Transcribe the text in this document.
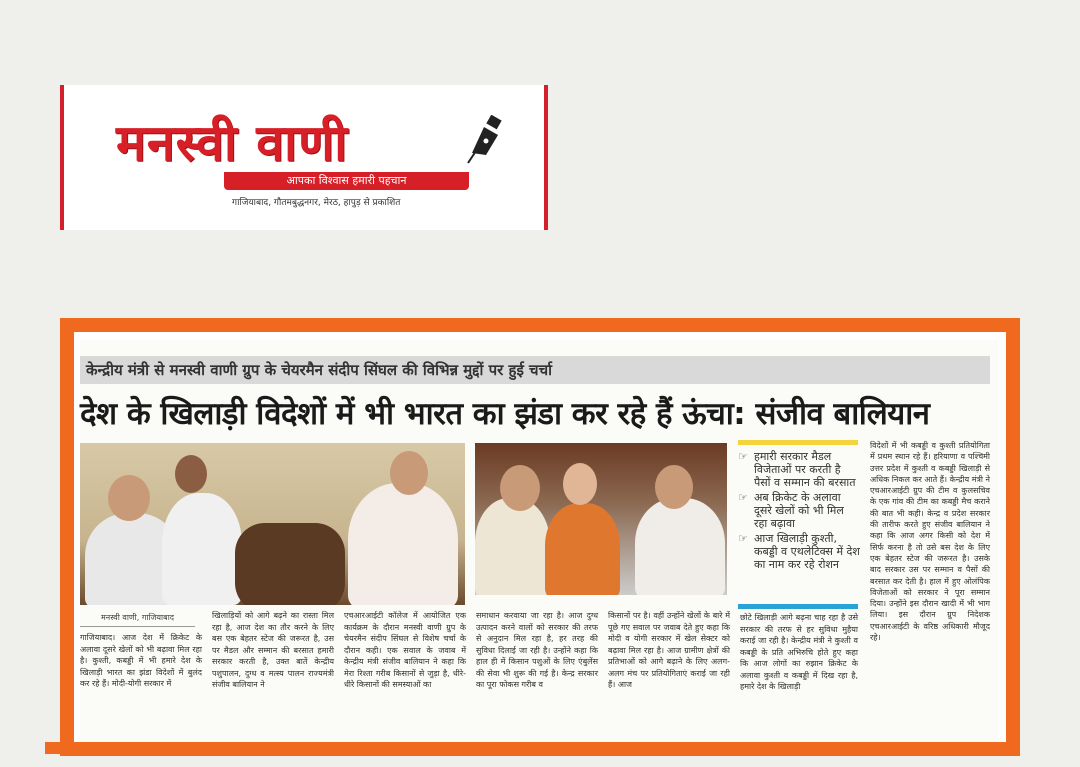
मनस्वी वाणी
आपका विश्वास हमारी पहचान
गाजियाबाद, गौतमबुद्धनगर, मेरठ, हापुड़ से प्रकाशित
केन्द्रीय मंत्री से मनस्वी वाणी ग्रुप के चेयरमैन संदीप सिंघल की विभिन्न मुद्दों पर हुई चर्चा
देश के खिलाड़ी विदेशों में भी भारत का झंडा कर रहे हैं ऊंचा: संजीव बालियान
☞ हमारी सरकार मैडल विजेताओं पर करती है पैसों व सम्मान की बरसात
☞ अब क्रिकेट के अलावा दूसरे खेलों को भी मिल रहा बढ़ावा
☞ आज खिलाड़ी कुश्ती, कबड्डी व एथलेटिक्स में देश का नाम कर रहे रोशन
मनस्वी वाणी, गाजियाबाद
गाजियाबाद। आज देश में क्रिकेट के अलावा दूसरे खेलों को भी बढ़ावा मिल रहा है। कुश्ती, कबड्डी में भी हमारे देश के खिलाड़ी भारत का झंडा विदेशों में बुलंद कर रहे हैं। मोदी-योगी सरकार में
खिलाड़ियों को आगे बढ़ने का रास्ता मिल रहा है, आज देश का तौर करने के लिए बस एक बेहतर स्टेज की जरूरत है, उस पर मैडल और सम्मान की बरसात हमारी सरकार करती है, उक्त बातें केन्द्रीय पशुपालन, दुग्ध व मत्स्य पालन राज्यमंत्री संजीव बालियान ने
एचआरआईटी कॉलेज में आयोजित एक कार्यक्रम के दौरान मनस्वी वाणी ग्रुप के चेयरमैन संदीप सिंघल से विशेष चर्चा के दौरान कही। एक सवाल के जवाब में केन्द्रीय मंत्री संजीव बालियान ने कहा कि मेरा रिश्ता गरीब किसानों से जुड़ा है, धीरे-धीरे किसानों की समस्याओं का
समाधान करवाया जा रहा है। आज दुग्ध उत्पादन करने वालों को सरकार की तरफ से अनुदान मिल रहा है, हर तरह की सुविधा दिलाई जा रही है। उन्होंने कहा कि हाल ही में किसान पशुओं के लिए एंबुलेंस की सेवा भी शुरू की गई है। केन्द्र सरकार का पूरा फोकस गरीब व
किसानों पर है। वहीं उन्होंने खेलों के बारे में पूछे गए सवाल पर जवाब देते हुए कहा कि मोदी व योगी सरकार में खेल सेक्टर को बढ़ावा मिल रहा है। आज ग्रामीण क्षेत्रों की प्रतिभाओं को आगे बढ़ाने के लिए अलग-अलग मंच पर प्रतियोगिताएं कराई जा रही हैं। आज
छोटे खिलाड़ी आगे बढ़ना चाह रहा है उसे सरकार की तरफ से हर सुविधा मुहैया कराई जा रही है। केन्द्रीय मंत्री ने कुश्ती व कबड्डी के प्रति अभिरुचि होते हुए कहा कि आज लोगों का रुझान क्रिकेट के अलावा कुश्ती व कबड्डी में दिख रहा है, हमारे देश के खिलाड़ी
विदेशों में भी कबड्डी व कुश्ती प्रतियोगिता में प्रथम स्थान रहे हैं। हरियाणा व पश्चिमी उत्तर प्रदेश में कुश्ती व कबड्डी खिलाड़ी से अधिक निकल कर आते हैं। केन्द्रीय मंत्री ने एचआरआईटी ग्रुप की टीम व कुलसचिव के एक गांव की टीम का कबड्डी मैच कराने की बात भी कही। केन्द्र व प्रदेश सरकार की तारीफ करते हुए संजीव बालियान ने कहा कि आज अगर किसी को देश में सिर्फ करना है तो उसे बस देश के लिए एक बेहतर स्टेज की जरूरत है। उसके बाद सरकार उस पर सम्मान व पैसों की बरसात कर देती है। हाल में हुए ओलंपिक विजेताओं को सरकार ने पूरा सम्मान दिया। उन्होंने इस दौरान खादी में भी भाग लिया। इस दौरान ग्रुप निदेशक एचआरआईटी के वरिष्ठ अधिकारी मौजूद रहे।
